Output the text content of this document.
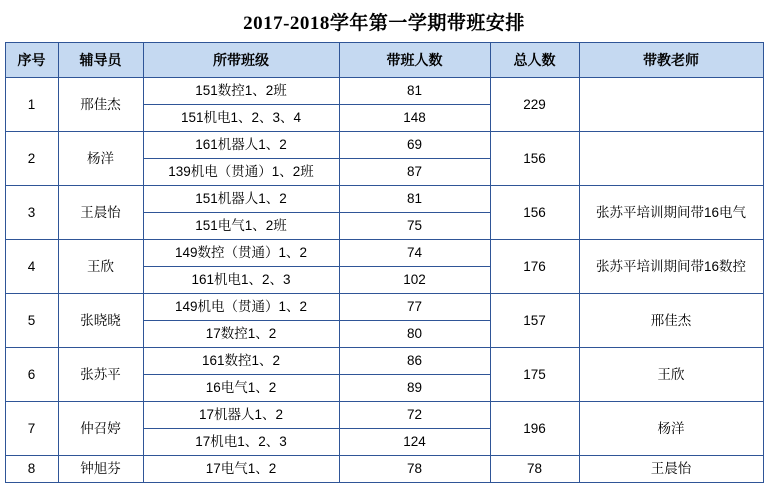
2017-2018学年第一学期带班安排
序号	辅导员	所带班级	带班人数	总人数	带教老师
1	邢佳杰	151数控1、2班	81	229	
		151机电1、2、3、4	148		
2	杨洋	161机器人1、2	69	156	
		139机电（贯通）1、2班	87		
3	王晨怡	151机器人1、2	81	156	张苏平培训期间带16电气
		151电气1、2班	75		
4	王欣	149数控（贯通）1、2	74	176	张苏平培训期间带16数控
		161机电1、2、3	102		
5	张晓晓	149机电（贯通）1、2	77	157	邢佳杰
		17数控1、2	80		
6	张苏平	161数控1、2	86	175	王欣
		16电气1、2	89		
7	仲召婷	17机器人1、2	72	196	杨洋
		17机电1、2、3	124		
8	钟旭芬	17电气1、2	78	78	王晨怡
